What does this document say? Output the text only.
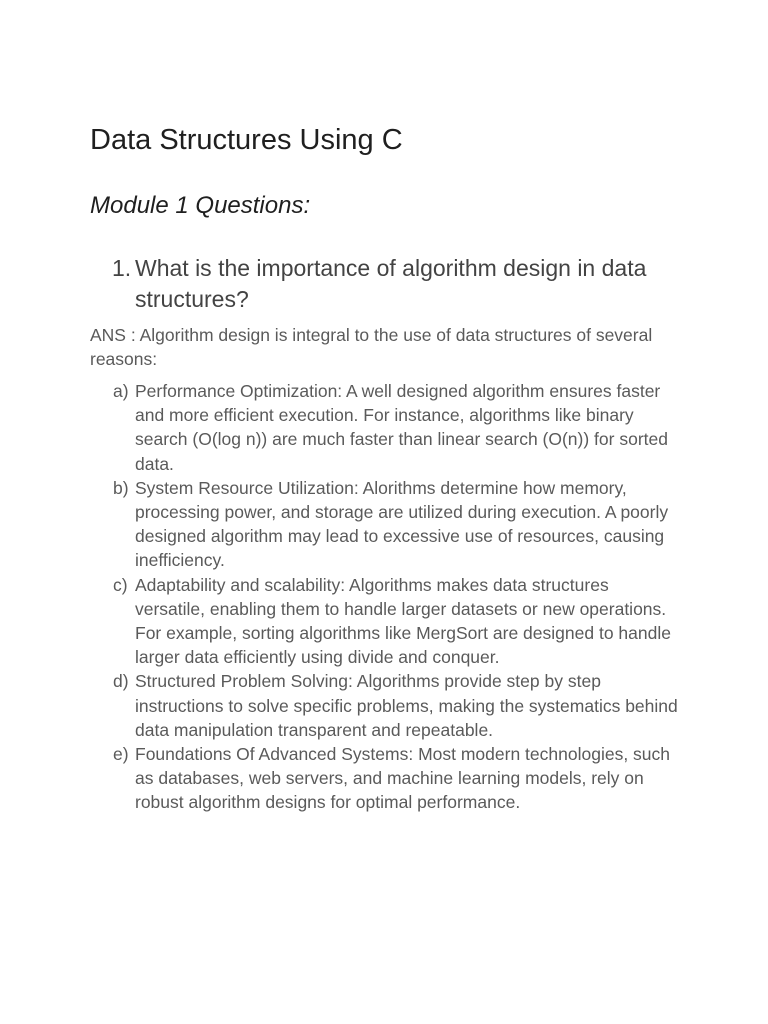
Data Structures Using C
Module 1 Questions:
1. What is the importance of algorithm design in data structures?
ANS : Algorithm design is integral to the use of data structures of several reasons:
a) Performance Optimization: A well designed algorithm ensures faster and more efficient execution. For instance, algorithms like binary search (O(log n)) are much faster than linear search (O(n)) for sorted data.
b) System Resource Utilization: Alorithms determine how memory, processing power, and storage are utilized during execution. A poorly designed algorithm may lead to excessive use of resources, causing inefficiency.
c) Adaptability and scalability: Algorithms makes data structures versatile, enabling them to handle larger datasets or new operations. For example, sorting algorithms like MergSort are designed to handle larger data efficiently using divide and conquer.
d) Structured Problem Solving: Algorithms provide step by step instructions to solve specific problems, making the systematics behind data manipulation transparent and repeatable.
e) Foundations Of Advanced Systems: Most modern technologies, such as databases, web servers, and machine learning models, rely on robust algorithm designs for optimal performance.
